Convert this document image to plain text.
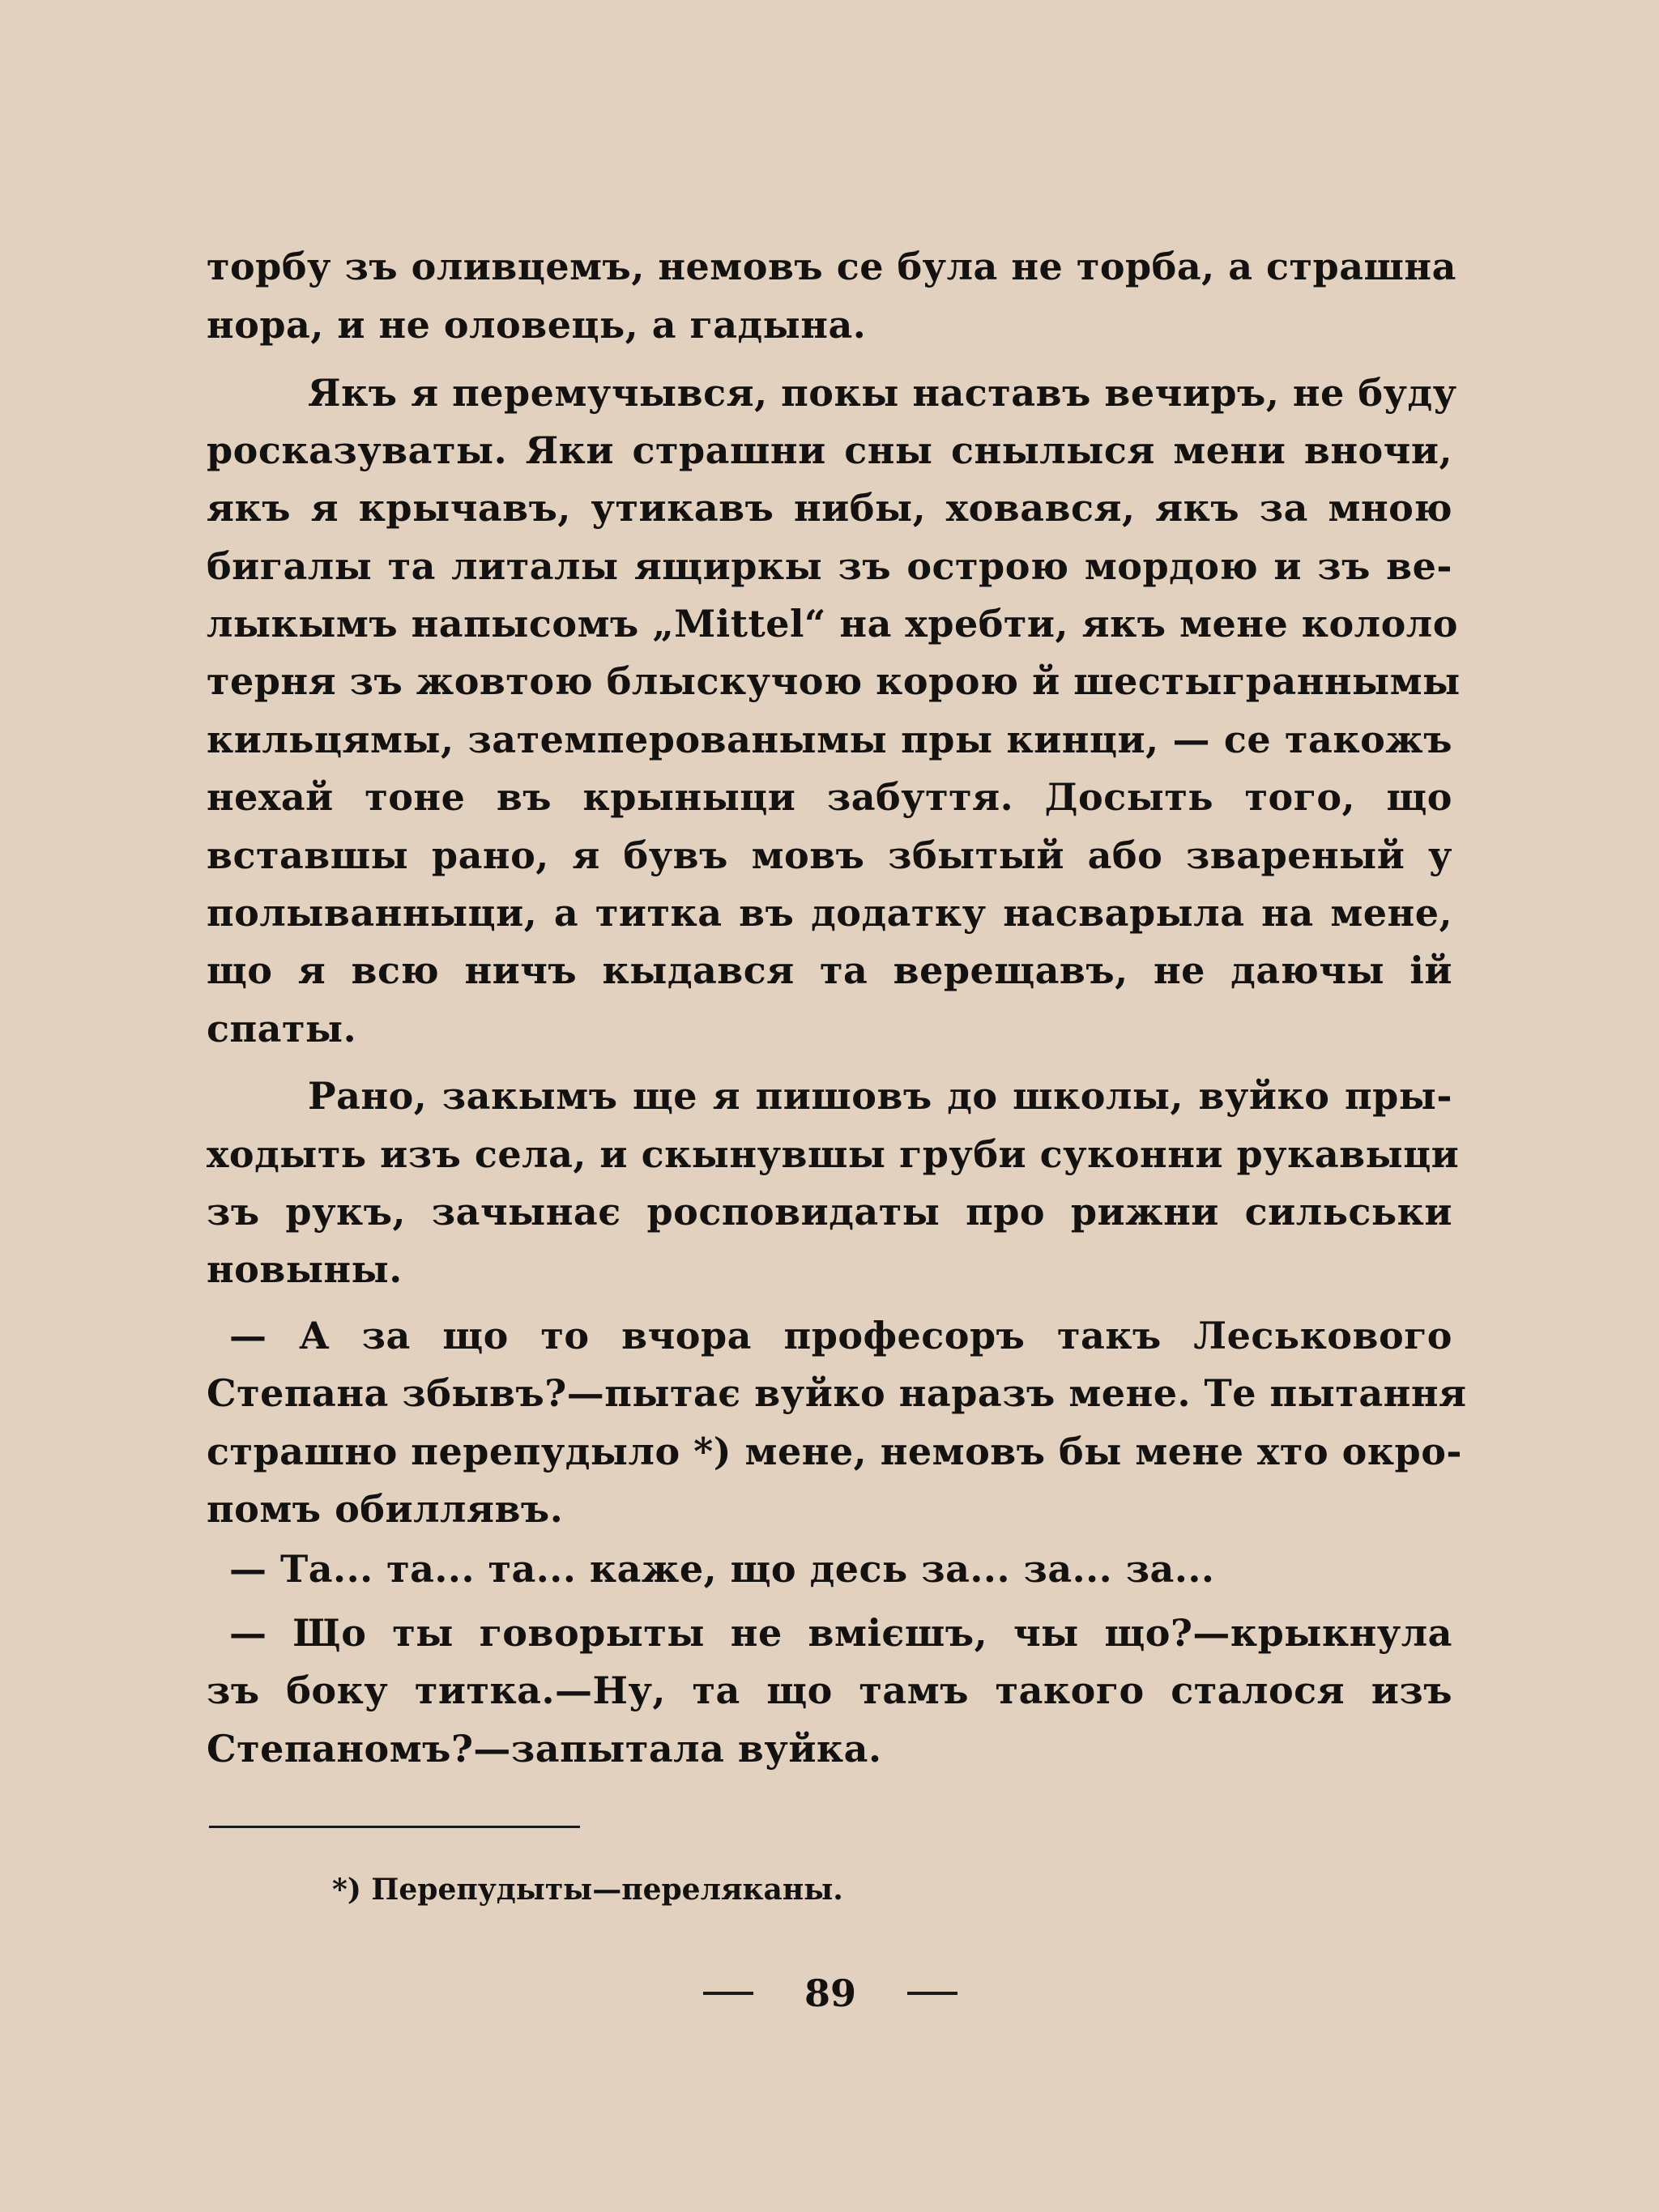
торбу зъ оливцемъ, немовъ се була не торба, а страшна
нора, и не оловець, а гадына.
Якъ я перемучывся, покы наставъ вечиръ, не буду
росказуваты. Яки страшни сны снылыся мени вночи,
якъ я крычавъ, утикавъ нибы, ховався, якъ за мною
бигалы та литалы ящиркы зъ острою мордою и зъ ве-
лыкымъ напысомъ „Mittel“ на хребти, якъ мене кололо
терня зъ жовтою блыскучою корою й шестыграннымы
кильцямы, затемперованымы пры кинци, — се такожъ
нехай тоне въ крыныци забуття. Досыть того, що
вставшы рано, я бувъ мовъ збытый або звареный у
полыванныци, а титка въ додатку насварыла на мене,
що я всю ничъ кыдався та верещавъ, не даючы ій
спаты.
Рано, закымъ ще я пишовъ до школы, вуйко пры-
ходыть изъ села, и скынувшы груби суконни рукавыци
зъ рукъ, зачынає росповидаты про рижни сильськи
новыны.
— А за що то вчора професоръ такъ Леськового
Степана збывъ?—пытає вуйко наразъ мене. Те пытання
страшно перепудыло *) мене, немовъ бы мене хто окро-
помъ обиллявъ.
— Та... та... та... каже, що десь за... за... за...
— Що ты говорыты не вмієшъ, чы що?—крыкнула
зъ боку титка.—Ну, та що тамъ такого сталося изъ
Степаномъ?—запытала вуйка.
*) Перепудыты—переляканы.
89
